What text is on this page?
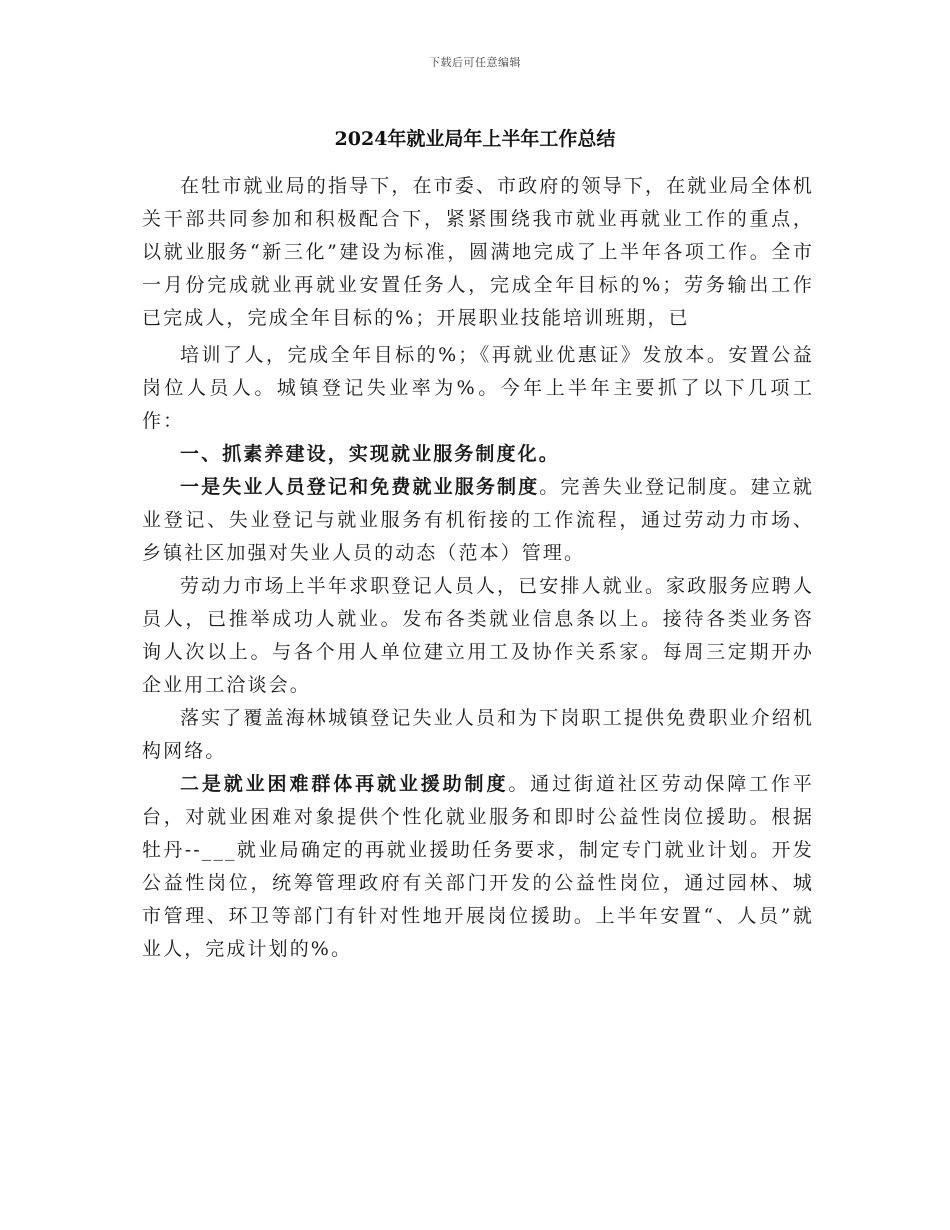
下载后可任意编辑
2024年就业局年上半年工作总结

在牡市就业局的指导下，在市委、市政府的领导下，在就业局全体机关干部共同参加和积极配合下，紧紧围绕我市就业再就业工作的重点，以就业服务“新三化”建设为标准，圆满地完成了上半年各项工作。全市一月份完成就业再就业安置任务人，完成全年目标的%；劳务输出工作已完成人，完成全年目标的%；开展职业技能培训班期，已

培训了人，完成全年目标的%；《再就业优惠证》发放本。安置公益岗位人员人。城镇登记失业率为%。今年上半年主要抓了以下几项工作：

一、抓素养建设，实现就业服务制度化。

一是失业人员登记和免费就业服务制度。完善失业登记制度。建立就业登记、失业登记与就业服务有机衔接的工作流程，通过劳动力市场、乡镇社区加强对失业人员的动态（范本）管理。

劳动力市场上半年求职登记人员人，已安排人就业。家政服务应聘人员人，已推举成功人就业。发布各类就业信息条以上。接待各类业务咨询人次以上。与各个用人单位建立用工及协作关系家。每周三定期开办企业用工洽谈会。

落实了覆盖海林城镇登记失业人员和为下岗职工提供免费职业介绍机构网络。

二是就业困难群体再就业援助制度。通过街道社区劳动保障工作平台，对就业困难对象提供个性化就业服务和即时公益性岗位援助。根据牡丹--___就业局确定的再就业援助任务要求，制定专门就业计划。开发公益性岗位，统筹管理政府有关部门开发的公益性岗位，通过园林、城市管理、环卫等部门有针对性地开展岗位援助。上半年安置“、人员”就业人，完成计划的%。
